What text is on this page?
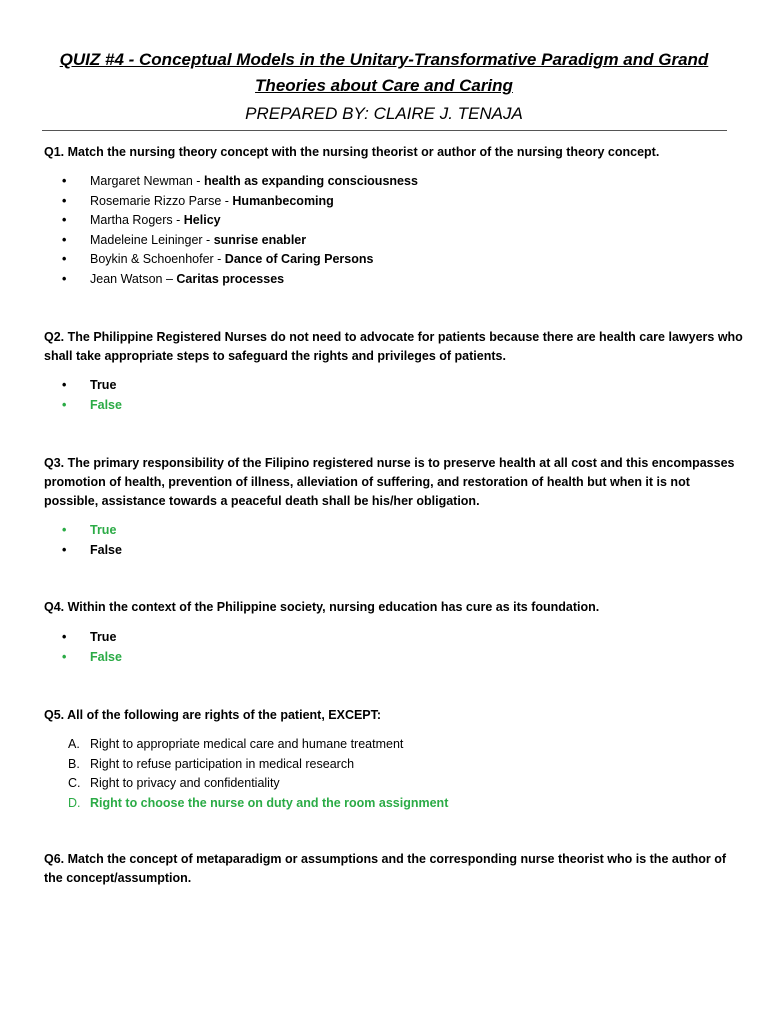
QUIZ #4 - Conceptual Models in the Unitary-Transformative Paradigm and Grand
Theories about Care and Caring
PREPARED BY: CLAIRE J. TENAJA
Q1. Match the nursing theory concept with the nursing theorist or author of the nursing theory concept.
•	Margaret Newman - health as expanding consciousness
•	Rosemarie Rizzo Parse - Humanbecoming
•	Martha Rogers - Helicy
•	Madeleine Leininger - sunrise enabler
•	Boykin & Schoenhofer - Dance of Caring Persons
•	Jean Watson – Caritas processes
Q2. The Philippine Registered Nurses do not need to advocate for patients because there are health care lawyers who
shall take appropriate steps to safeguard the rights and privileges of patients.
•	True
•	False
Q3. The primary responsibility of the Filipino registered nurse is to preserve health at all cost and this encompasses
promotion of health, prevention of illness, alleviation of suffering, and restoration of health but when it is not
possible, assistance towards a peaceful death shall be his/her obligation.
•	True
•	False
Q4. Within the context of the Philippine society, nursing education has cure as its foundation.
•	True
•	False
Q5. All of the following are rights of the patient, EXCEPT:
A. Right to appropriate medical care and humane treatment
B. Right to refuse participation in medical research
C. Right to privacy and confidentiality
D. Right to choose the nurse on duty and the room assignment
Q6. Match the concept of metaparadigm or assumptions and the corresponding nurse theorist who is the author of
the concept/assumption.
